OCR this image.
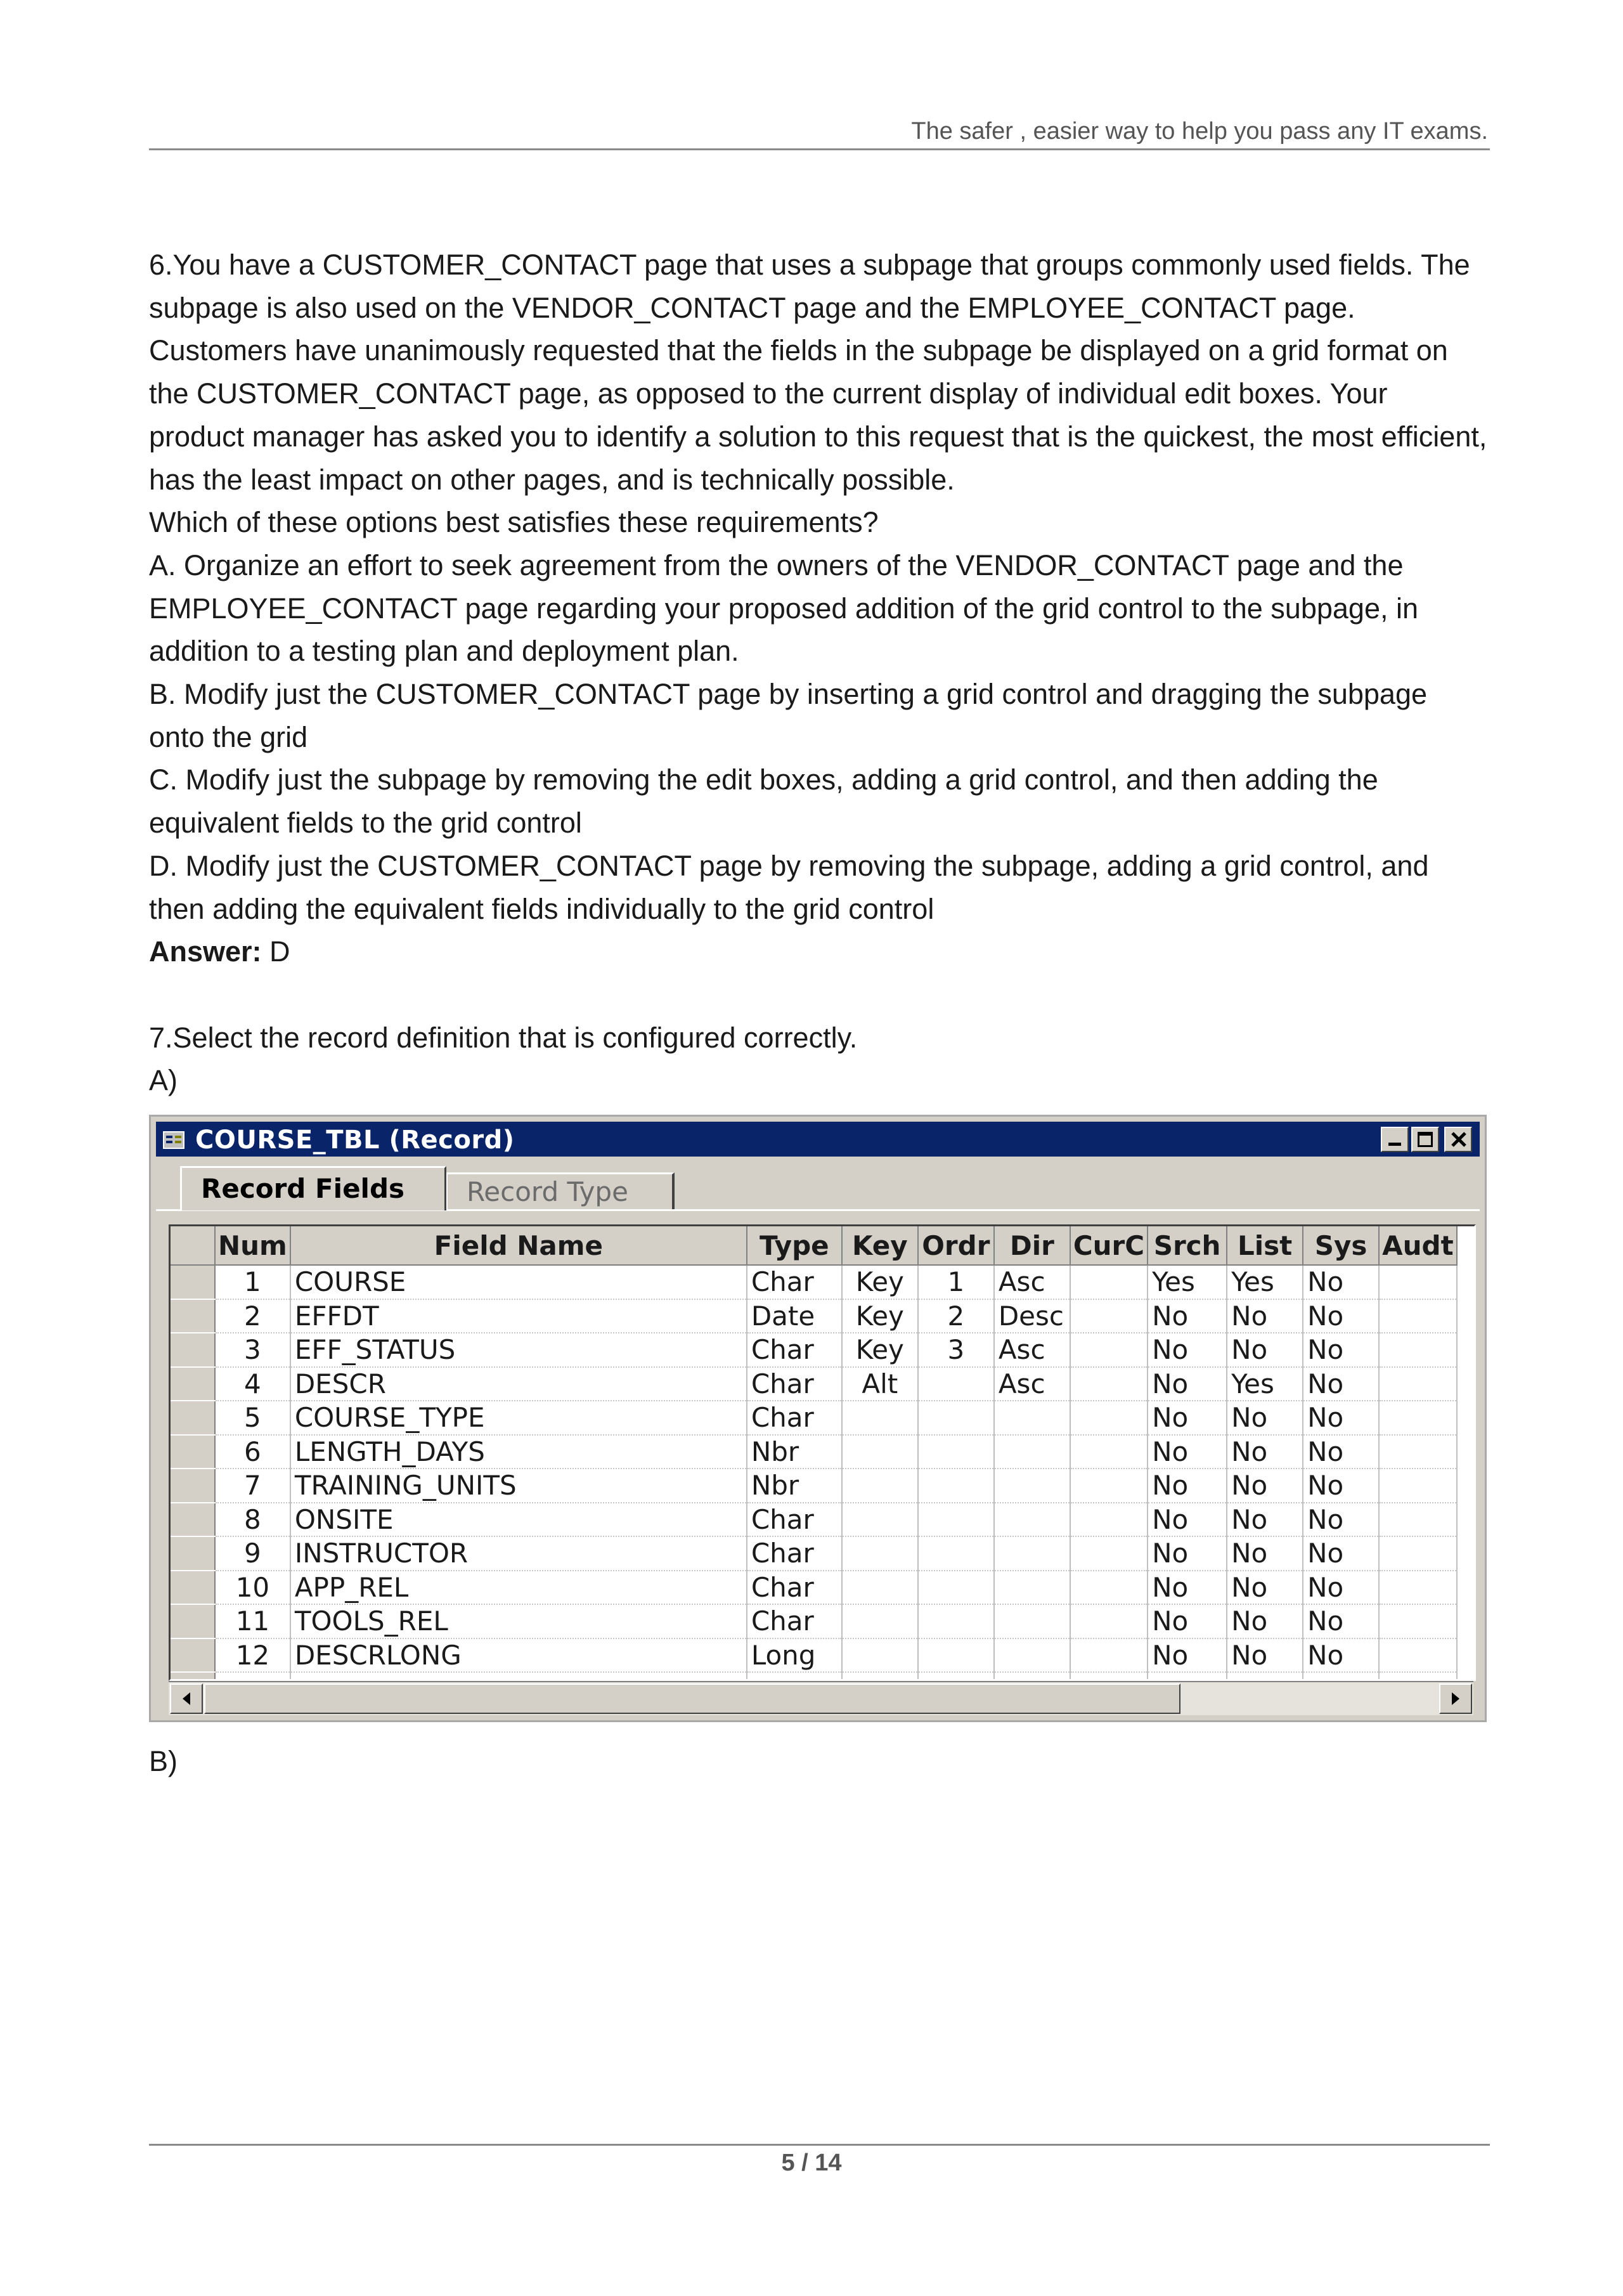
The safer , easier way to help you pass any IT exams.

6.You have a CUSTOMER_CONTACT page that uses a subpage that groups commonly used fields. The

subpage is also used on the VENDOR_CONTACT page and the EMPLOYEE_CONTACT page.

Customers have unanimously requested that the fields in the subpage be displayed on a grid format on

the CUSTOMER_CONTACT page, as opposed to the current display of individual edit boxes. Your

product manager has asked you to identify a solution to this request that is the quickest, the most efficient,

has the least impact on other pages, and is technically possible.

Which of these options best satisfies these requirements?

A. Organize an effort to seek agreement from the owners of the VENDOR_CONTACT page and the

EMPLOYEE_CONTACT page regarding your proposed addition of the grid control to the subpage, in

addition to a testing plan and deployment plan.

B. Modify just the CUSTOMER_CONTACT page by inserting a grid control and dragging the subpage

onto the grid

C. Modify just the subpage by removing the edit boxes, adding a grid control, and then adding the

equivalent fields to the grid control

D. Modify just the CUSTOMER_CONTACT page by removing the subpage, adding a grid control, and

then adding the equivalent fields individually to the grid control

Answer: D

7.Select the record definition that is configured correctly.

A)

COURSE_TBL (Record)
Record Fields	Record Type
	Num	Field Name	Type	Key	Ordr	Dir	CurC	Srch	List	Sys	Audt
	1	COURSE	Char	Key	1	Asc		Yes	Yes	No	
	2	EFFDT	Date	Key	2	Desc		No	No	No	
	3	EFF_STATUS	Char	Key	3	Asc		No	No	No	
	4	DESCR	Char	Alt		Asc		No	Yes	No	
	5	COURSE_TYPE	Char					No	No	No	
	6	LENGTH_DAYS	Nbr					No	No	No	
	7	TRAINING_UNITS	Nbr					No	No	No	
	8	ONSITE	Char					No	No	No	
	9	INSTRUCTOR	Char					No	No	No	
	10	APP_REL	Char					No	No	No	
	11	TOOLS_REL	Char					No	No	No	
	12	DESCRLONG	Long					No	No	No	

B)

5 / 14
